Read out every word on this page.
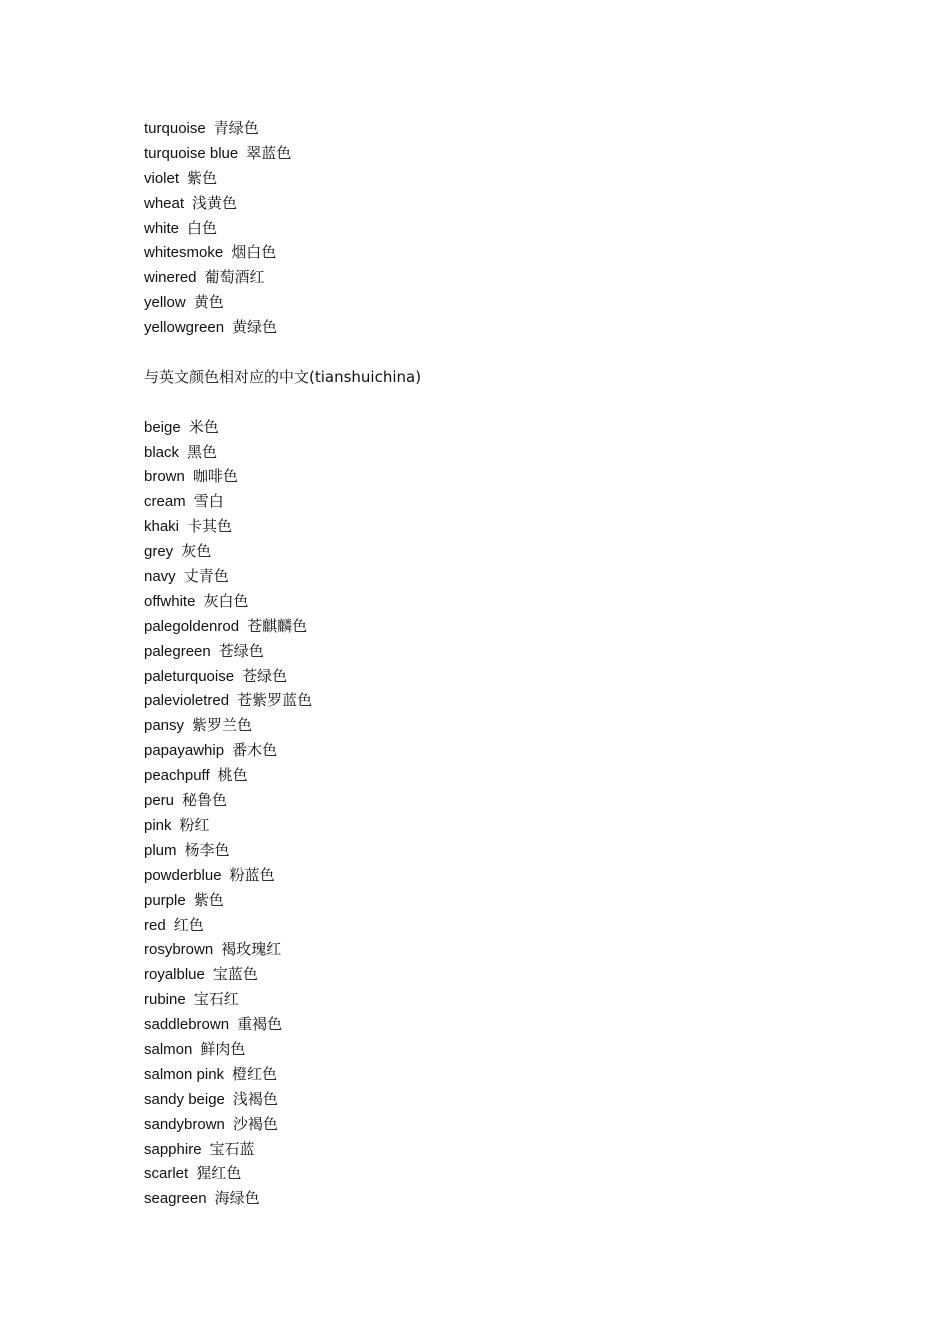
turquoise 青绿色
turquoise blue 翠蓝色
violet 紫色
wheat 浅黄色
white 白色
whitesmoke 烟白色
winered 葡萄酒红
yellow 黄色
yellowgreen 黄绿色
与英文颜色相对应的中文(tianshuichina)
beige 米色
black 黑色
brown 咖啡色
cream 雪白
khaki 卡其色
grey 灰色
navy 丈青色
offwhite 灰白色
palegoldenrod 苍麒麟色
palegreen 苍绿色
paleturquoise 苍绿色
palevioletred 苍紫罗蓝色
pansy 紫罗兰色
papayawhip 番木色
peachpuff 桃色
peru 秘鲁色
pink 粉红
plum 杨李色
powderblue 粉蓝色
purple 紫色
red 红色
rosybrown 褐玫瑰红
royalblue 宝蓝色
rubine 宝石红
saddlebrown 重褐色
salmon 鲜肉色
salmon pink 橙红色
sandy beige 浅褐色
sandybrown 沙褐色
sapphire 宝石蓝
scarlet 猩红色
seagreen 海绿色
